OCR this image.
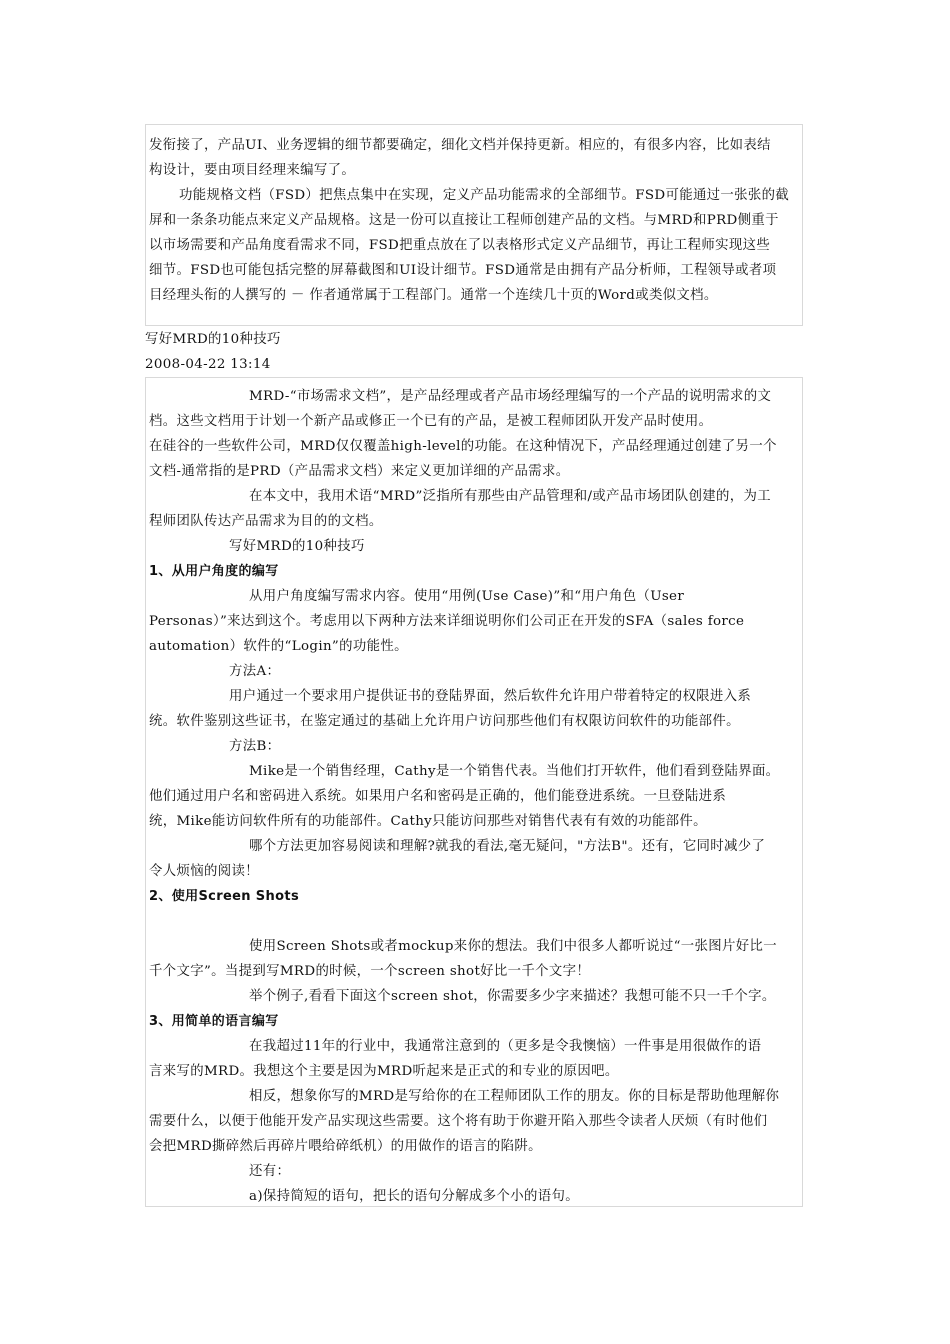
发衔接了，产品UI、业务逻辑的细节都要确定，细化文档并保持更新。相应的，有很多内容，比如表结
构设计，要由项目经理来编写了。
功能规格文档（FSD）把焦点集中在实现，定义产品功能需求的全部细节。FSD可能通过一张张的截
屏和一条条功能点来定义产品规格。这是一份可以直接让工程师创建产品的文档。与MRD和PRD侧重于
以市场需要和产品角度看需求不同，FSD把重点放在了以表格形式定义产品细节，再让工程师实现这些
细节。FSD也可能包括完整的屏幕截图和UI设计细节。FSD通常是由拥有产品分析师，工程领导或者项
目经理头衔的人撰写的 － 作者通常属于工程部门。通常一个连续几十页的Word或类似文档。
写好MRD的10种技巧
2008-04-22 13:14
MRD-“市场需求文档”，是产品经理或者产品市场经理编写的一个产品的说明需求的文
档。这些文档用于计划一个新产品或修正一个已有的产品，是被工程师团队开发产品时使用。
在硅谷的一些软件公司，MRD仅仅覆盖high-level的功能。在这种情况下，产品经理通过创建了另一个
文档-通常指的是PRD（产品需求文档）来定义更加详细的产品需求。
在本文中，我用术语“MRD”泛指所有那些由产品管理和/或产品市场团队创建的，为工
程师团队传达产品需求为目的的文档。
写好MRD的10种技巧
1、从用户角度的编写
从用户角度编写需求内容。使用“用例(Use Case)”和“用户角色（User
Personas）”来达到这个。考虑用以下两种方法来详细说明你们公司正在开发的SFA（sales force
automation）软件的“Login”的功能性。
方法A：
用户通过一个要求用户提供证书的登陆界面，然后软件允许用户带着特定的权限进入系
统。软件鉴别这些证书，在鉴定通过的基础上允许用户访问那些他们有权限访问软件的功能部件。
方法B：
Mike是一个销售经理，Cathy是一个销售代表。当他们打开软件，他们看到登陆界面。
他们通过用户名和密码进入系统。如果用户名和密码是正确的，他们能登进系统。一旦登陆进系
统，Mike能访问软件所有的功能部件。Cathy只能访问那些对销售代表有有效的功能部件。
哪个方法更加容易阅读和理解?就我的看法,毫无疑问，"方法B"。还有，它同时减少了
令人烦恼的阅读！
2、使用Screen Shots
使用Screen Shots或者mockup来你的想法。我们中很多人都听说过“一张图片好比一
千个文字”。当提到写MRD的时候，一个screen shot好比一千个文字！
举个例子,看看下面这个screen shot，你需要多少字来描述？我想可能不只一千个字。
3、用简单的语言编写
在我超过11年的行业中，我通常注意到的（更多是令我懊恼）一件事是用很做作的语
言来写的MRD。我想这个主要是因为MRD听起来是正式的和专业的原因吧。
相反，想象你写的MRD是写给你的在工程师团队工作的朋友。你的目标是帮助他理解你
需要什么，以便于他能开发产品实现这些需要。这个将有助于你避开陷入那些令读者人厌烦（有时他们
会把MRD撕碎然后再碎片喂给碎纸机）的用做作的语言的陷阱。
还有：
a)保持简短的语句，把长的语句分解成多个小的语句。
